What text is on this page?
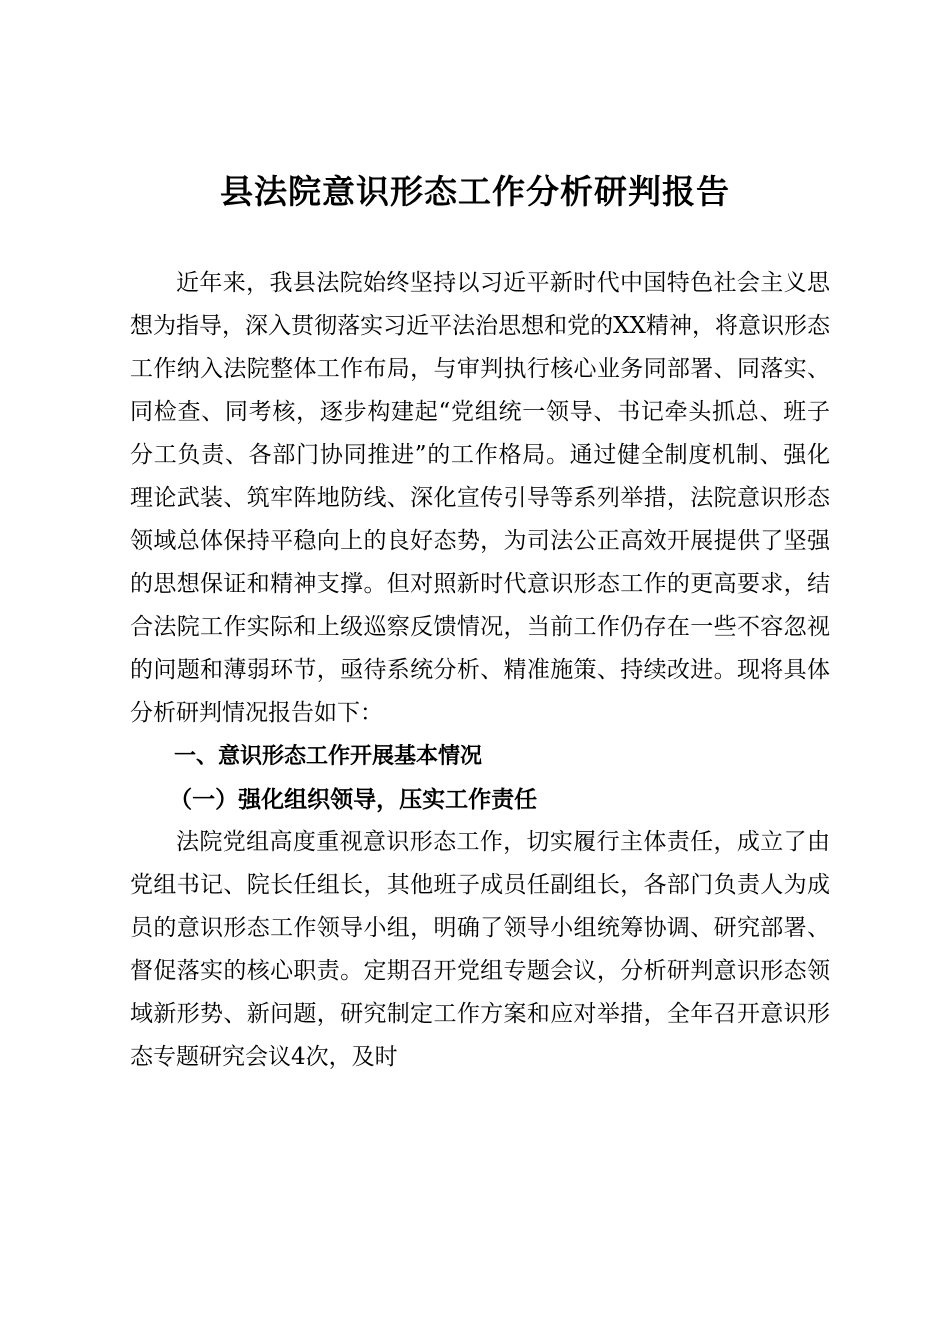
县法院意识形态工作分析研判报告

近年来，我县法院始终坚持以习近平新时代中国特色社会主义思想为指导，深入贯彻落实习近平法治思想和党的XX精神，将意识形态工作纳入法院整体工作布局，与审判执行核心业务同部署、同落实、同检查、同考核，逐步构建起“党组统一领导、书记牵头抓总、班子分工负责、各部门协同推进”的工作格局。通过健全制度机制、强化理论武装、筑牢阵地防线、深化宣传引导等系列举措，法院意识形态领域总体保持平稳向上的良好态势，为司法公正高效开展提供了坚强的思想保证和精神支撑。但对照新时代意识形态工作的更高要求，结合法院工作实际和上级巡察反馈情况，当前工作仍存在一些不容忽视的问题和薄弱环节，亟待系统分析、精准施策、持续改进。现将具体分析研判情况报告如下：

一、意识形态工作开展基本情况

（一）强化组织领导，压实工作责任

法院党组高度重视意识形态工作，切实履行主体责任，成立了由党组书记、院长任组长，其他班子成员任副组长，各部门负责人为成员的意识形态工作领导小组，明确了领导小组统筹协调、研究部署、督促落实的核心职责。定期召开党组专题会议，分析研判意识形态领域新形势、新问题，研究制定工作方案和应对举措，全年召开意识形态专题研究会议4次，及时
